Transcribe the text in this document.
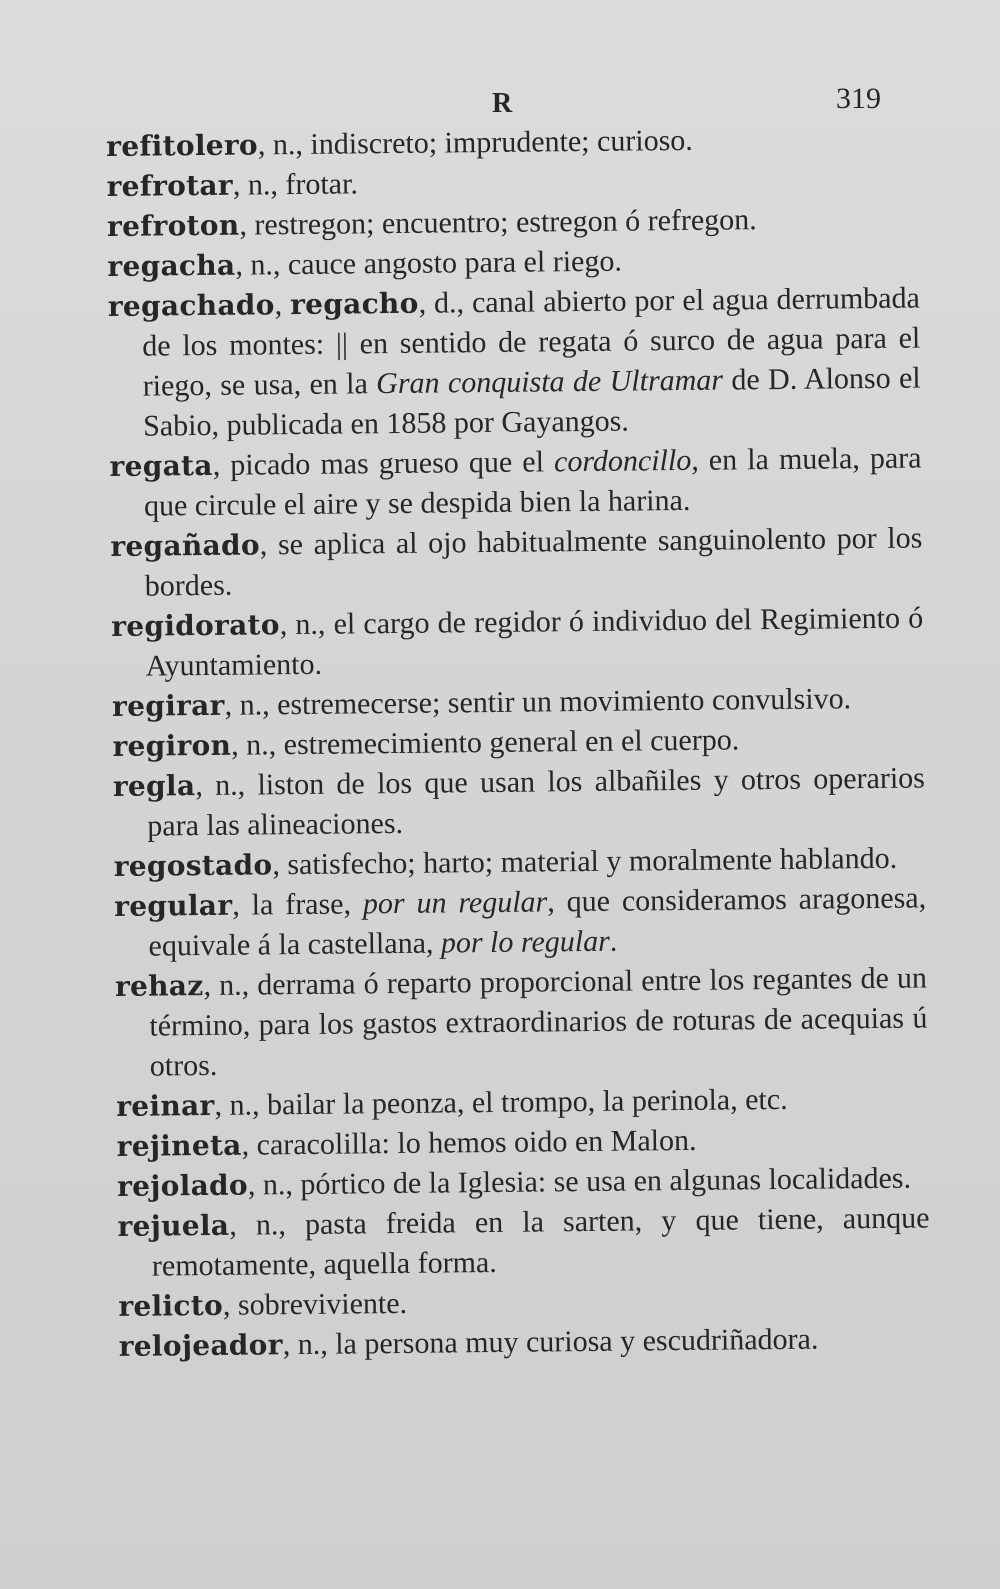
R	319

refitolero, n., indiscreto; imprudente; curioso.

refrotar, n., frotar.

refroton, restregon; encuentro; estregon ó refregon.

regacha, n., cauce angosto para el riego.

regachado, regacho, d., canal abierto por el agua derrumbada de los montes: || en sentido de regata ó surco de agua para el riego, se usa, en la Gran conquista de Ultramar de D. Alonso el Sabio, publicada en 1858 por Gayangos.

regata, picado mas grueso que el cordoncillo, en la muela, para que circule el aire y se despida bien la harina.

regañado, se aplica al ojo habitualmente sanguinolento por los bordes.

regidorato, n., el cargo de regidor ó individuo del Regimiento ó Ayuntamiento.

regirar, n., estremecerse; sentir un movimiento convulsivo.

regiron, n., estremecimiento general en el cuerpo.

regla, n., liston de los que usan los albañiles y otros operarios para las alineaciones.

regostado, satisfecho; harto; material y moralmente hablando.

regular, la frase, por un regular, que consideramos aragonesa, equivale á la castellana, por lo regular.

rehaz, n., derrama ó reparto proporcional entre los regantes de un término, para los gastos extraordinarios de roturas de acequias ú otros.

reinar, n., bailar la peonza, el trompo, la perinola, etc.

rejineta, caracolilla: lo hemos oido en Malon.

rejolado, n., pórtico de la Iglesia: se usa en algunas localidades.

rejuela, n., pasta freida en la sarten, y que tiene, aunque remotamente, aquella forma.

relicto, sobreviviente.

relojeador, n., la persona muy curiosa y escudriñadora.
